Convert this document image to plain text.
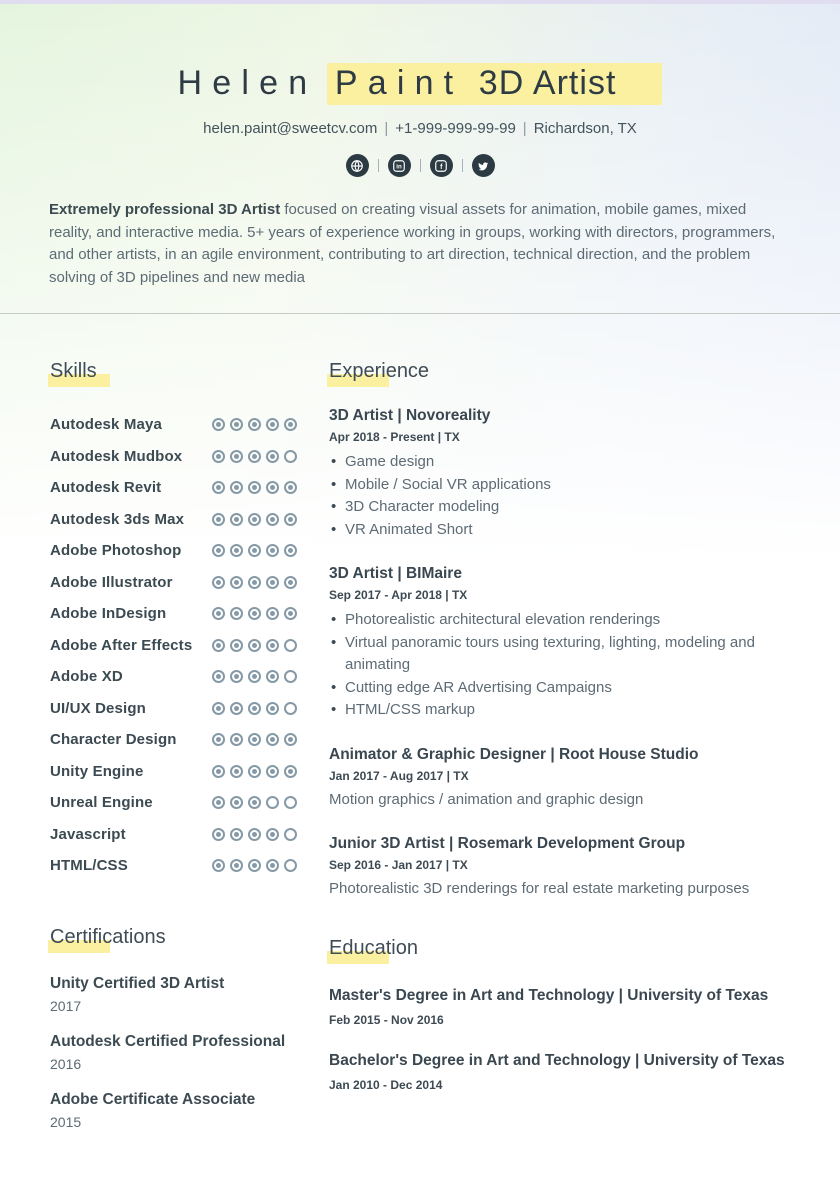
Helen Paint 3D Artist
helen.paint@sweetcv.com | +1-999-999-99-99 | Richardson, TX
in	f

Extremely professional 3D Artist focused on creating visual assets for animation, mobile games, mixed reality, and interactive media. 5+ years of experience working in groups, working with directors, programmers, and other artists, in an agile environment, contributing to art direction, technical direction, and the problem solving of 3D pipelines and new media

Skills
Autodesk Maya
Autodesk Mudbox
Autodesk Revit
Autodesk 3ds Max
Adobe Photoshop
Adobe Illustrator
Adobe InDesign
Adobe After Effects
Adobe XD
UI/UX Design
Character Design
Unity Engine
Unreal Engine
Javascript
HTML/CSS
Certifications
Unity Certified 3D Artist
2017
Autodesk Certified Professional
2016
Adobe Certificate Associate
2015
Experience
3D Artist | Novoreality
Apr 2018 - Present | TX
• Game design
• Mobile / Social VR applications
• 3D Character modeling
• VR Animated Short
3D Artist | BIMaire
Sep 2017 - Apr 2018 | TX
• Photorealistic architectural elevation renderings
• Virtual panoramic tours using texturing, lighting, modeling and animating
• Cutting edge AR Advertising Campaigns
• HTML/CSS markup
Animator & Graphic Designer | Root House Studio
Jan 2017 - Aug 2017 | TX

Motion graphics / animation and graphic design

Junior 3D Artist | Rosemark Development Group
Sep 2016 - Jan 2017 | TX

Photorealistic 3D renderings for real estate marketing purposes

Education
Master's Degree in Art and Technology | University of Texas
Feb 2015 - Nov 2016
Bachelor's Degree in Art and Technology | University of Texas
Jan 2010 - Dec 2014
